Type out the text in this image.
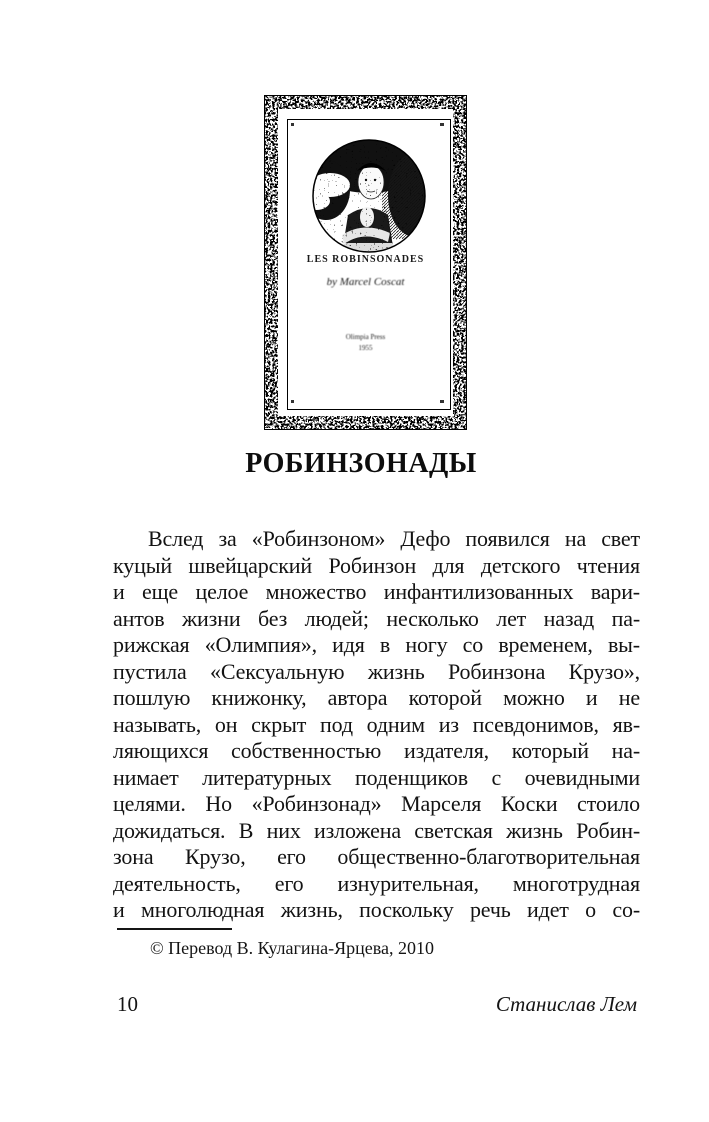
LES ROBINSONADES
by Marcel Coscat
Olimpia Press
1955
РОБИНЗОНАДЫ
Вслед за «Робинзоном» Дефо появился на свет
куцый швейцарский Робинзон для детского чтения
и еще целое множество инфантилизованных вари-
антов жизни без людей; несколько лет назад па-
рижская «Олимпия», идя в ногу со временем, вы-
пустила «Сексуальную жизнь Робинзона Крузо»,
пошлую книжонку, автора которой можно и не
называть, он скрыт под одним из псевдонимов, яв-
ляющихся собственностью издателя, который на-
нимает литературных поденщиков с очевидными
целями. Но «Робинзонад» Марселя Коски стоило
дожидаться. В них изложена светская жизнь Робин-
зона Крузо, его общественно-благотворительная
деятельность, его изнурительная, многотрудная
и многолюдная жизнь, поскольку речь идет о со-
© Перевод В. Кулагина-Ярцева, 2010
10	Станислав Лем
